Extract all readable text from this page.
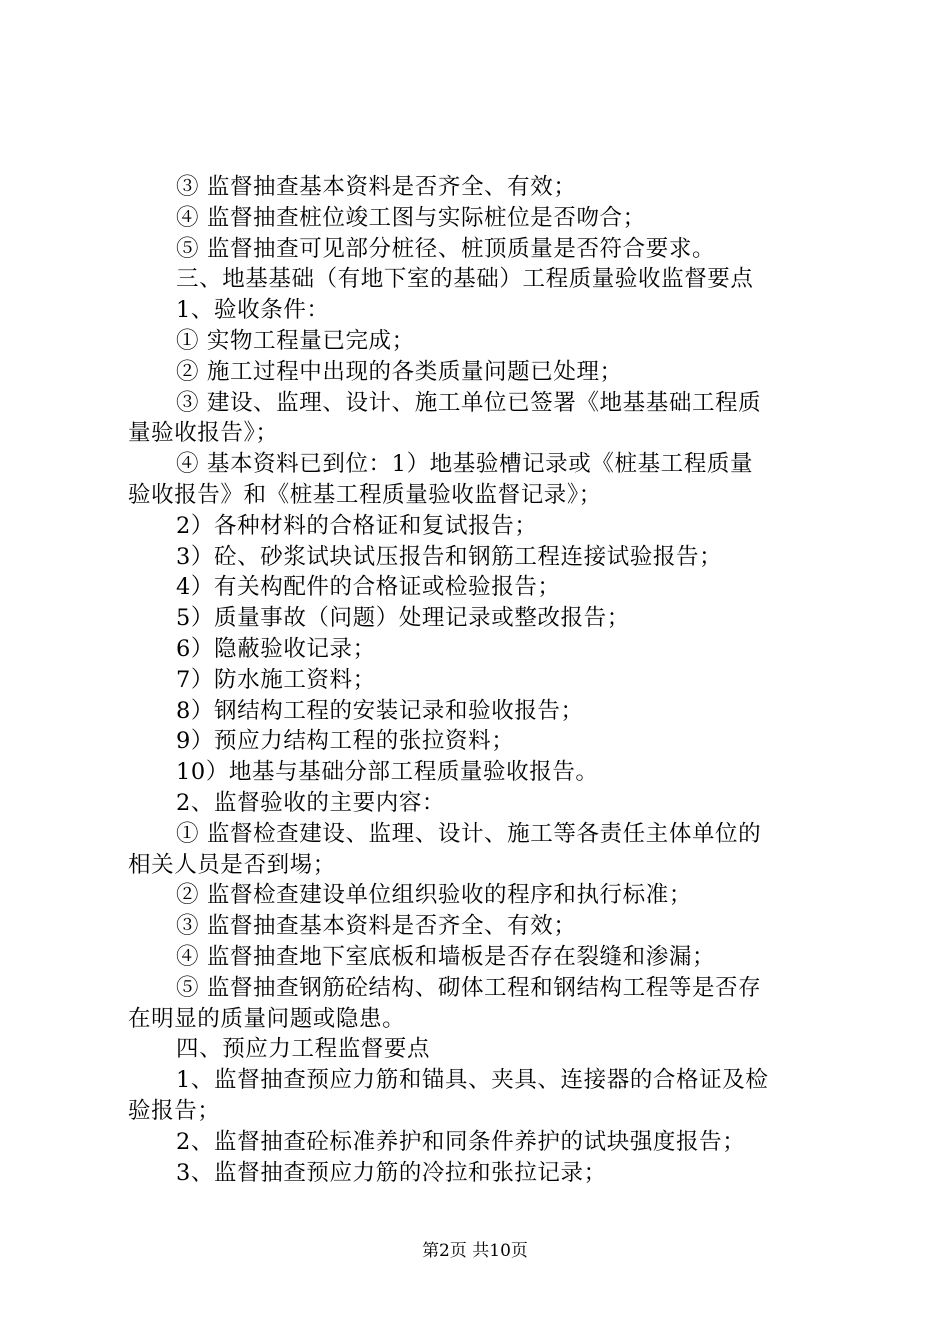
③ 监督抽查基本资料是否齐全、有效；
④ 监督抽查桩位竣工图与实际桩位是否吻合；
⑤ 监督抽查可见部分桩径、桩顶质量是否符合要求。
三、地基基础（有地下室的基础）工程质量验收监督要点
1、验收条件：
① 实物工程量已完成；
② 施工过程中出现的各类质量问题已处理；
③ 建设、监理、设计、施工单位已签署《地基基础工程质
量验收报告》；
④ 基本资料已到位：1）地基验槽记录或《桩基工程质量
验收报告》和《桩基工程质量验收监督记录》；
2）各种材料的合格证和复试报告；
3）砼、砂浆试块试压报告和钢筋工程连接试验报告；
4）有关构配件的合格证或检验报告；
5）质量事故（问题）处理记录或整改报告；
6）隐蔽验收记录；
7）防水施工资料；
8）钢结构工程的安装记录和验收报告；
9）预应力结构工程的张拉资料；
10）地基与基础分部工程质量验收报告。
2、监督验收的主要内容：
① 监督检查建设、监理、设计、施工等各责任主体单位的
相关人员是否到埸；
② 监督检查建设单位组织验收的程序和执行标准；
③ 监督抽查基本资料是否齐全、有效；
④ 监督抽查地下室底板和墙板是否存在裂缝和渗漏；
⑤ 监督抽查钢筋砼结构、砌体工程和钢结构工程等是否存
在明显的质量问题或隐患。
四、预应力工程监督要点
1、监督抽查预应力筋和锚具、夹具、连接器的合格证及检
验报告；
2、监督抽查砼标准养护和同条件养护的试块强度报告；
3、监督抽查预应力筋的冷拉和张拉记录；
第2页 共10页
